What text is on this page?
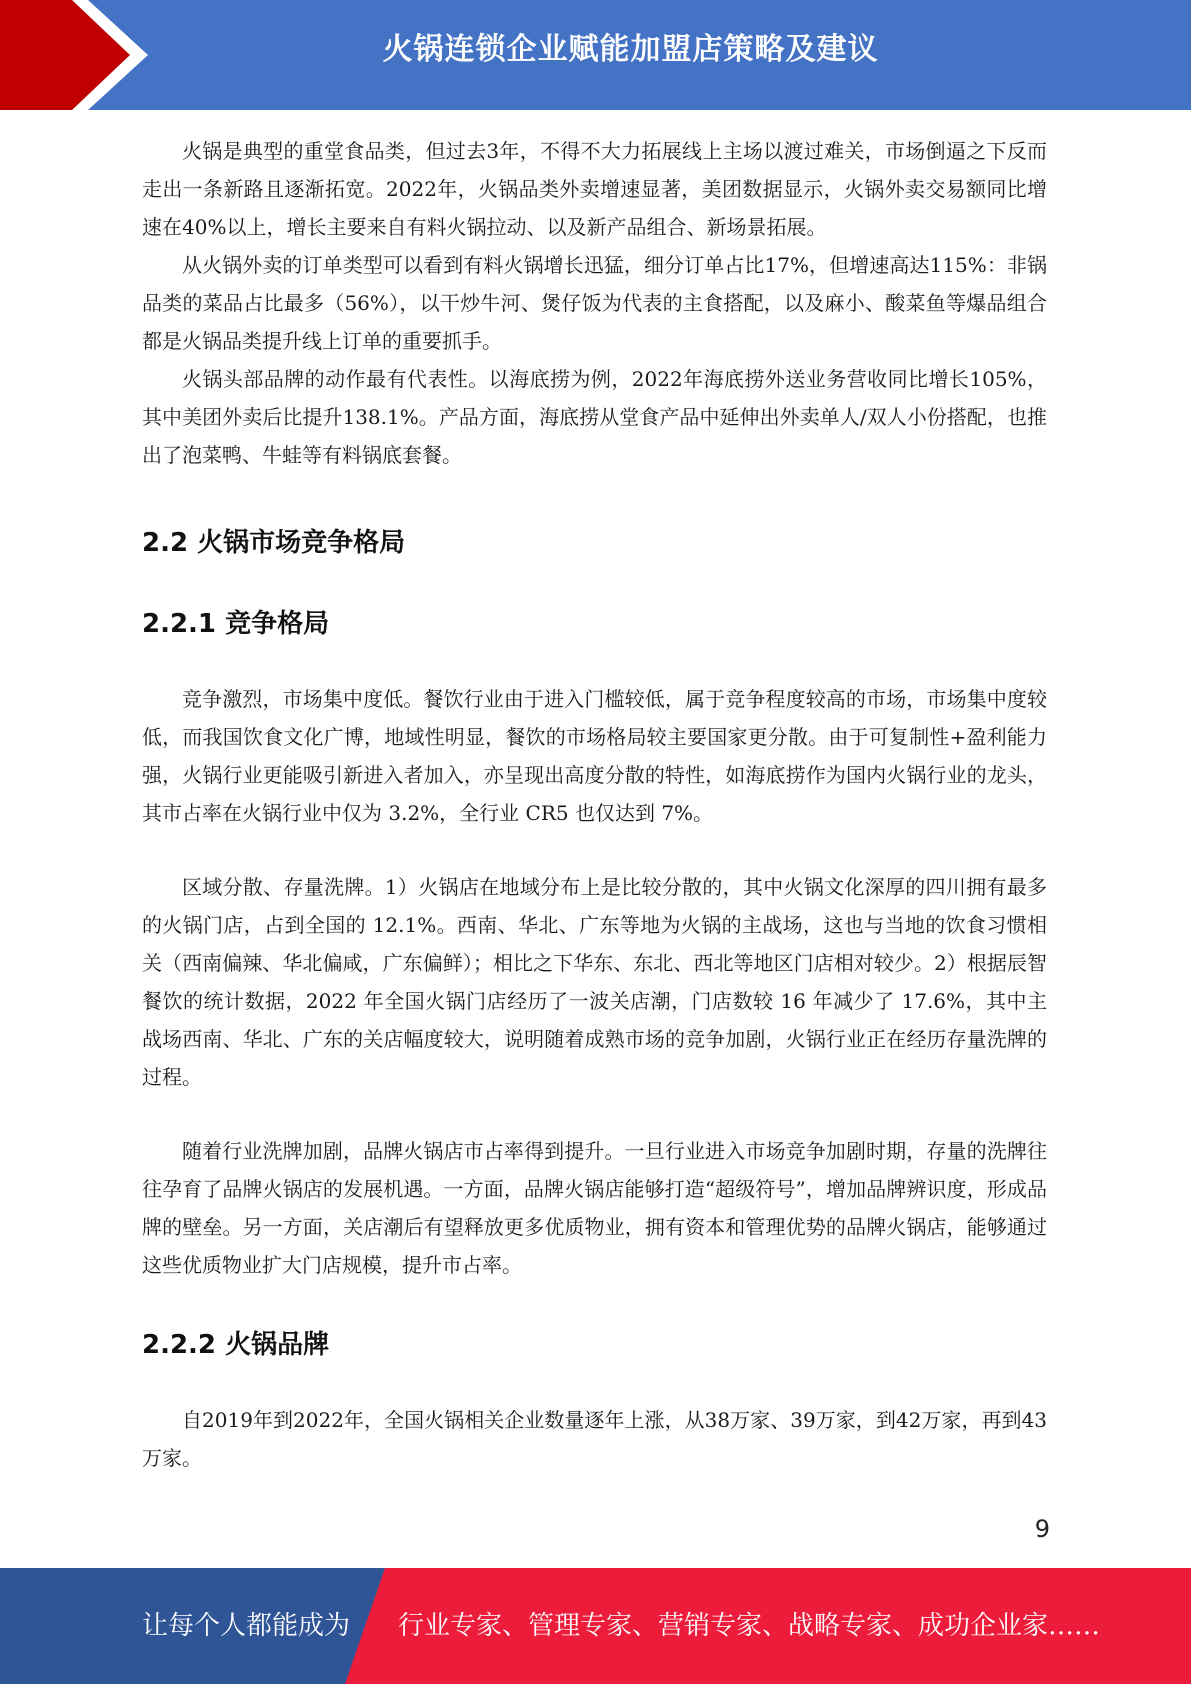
火锅连锁企业赋能加盟店策略及建议

火锅是典型的重堂食品类，但过去3年，不得不大力拓展线上主场以渡过难关，市场倒逼之下反而走出一条新路且逐渐拓宽。2022年，火锅品类外卖增速显著，美团数据显示，火锅外卖交易额同比增速在40%以上，增长主要来自有料火锅拉动、以及新产品组合、新场景拓展。

从火锅外卖的订单类型可以看到有料火锅增长迅猛，细分订单占比17%，但增速高达115%：非锅品类的菜品占比最多（56%），以干炒牛河、煲仔饭为代表的主食搭配，以及麻小、酸菜鱼等爆品组合都是火锅品类提升线上订单的重要抓手。

火锅头部品牌的动作最有代表性。以海底捞为例，2022年海底捞外送业务营收同比增长105%，其中美团外卖后比提升138.1%。产品方面，海底捞从堂食产品中延伸出外卖单人/双人小份搭配，也推出了泡菜鸭、牛蛙等有料锅底套餐。

2.2 火锅市场竞争格局
2.2.1 竞争格局

竞争激烈，市场集中度低。餐饮行业由于进入门槛较低，属于竞争程度较高的市场，市场集中度较低，而我国饮食文化广博，地域性明显，餐饮的市场格局较主要国家更分散。由于可复制性+盈利能力强，火锅行业更能吸引新进入者加入，亦呈现出高度分散的特性，如海底捞作为国内火锅行业的龙头，其市占率在火锅行业中仅为 3.2%，全行业 CR5 也仅达到 7%。

区域分散、存量洗牌。1）火锅店在地域分布上是比较分散的，其中火锅文化深厚的四川拥有最多的火锅门店，占到全国的 12.1%。西南、华北、广东等地为火锅的主战场，这也与当地的饮食习惯相关（西南偏辣、华北偏咸，广东偏鲜）；相比之下华东、东北、西北等地区门店相对较少。2）根据辰智餐饮的统计数据，2022 年全国火锅门店经历了一波关店潮，门店数较 16 年减少了 17.6%，其中主战场西南、华北、广东的关店幅度较大，说明随着成熟市场的竞争加剧，火锅行业正在经历存量洗牌的过程。

随着行业洗牌加剧，品牌火锅店市占率得到提升。一旦行业进入市场竞争加剧时期，存量的洗牌往往孕育了品牌火锅店的发展机遇。一方面，品牌火锅店能够打造“超级符号”，增加品牌辨识度，形成品牌的壁垒。另一方面，关店潮后有望释放更多优质物业，拥有资本和管理优势的品牌火锅店，能够通过这些优质物业扩大门店规模，提升市占率。

2.2.2 火锅品牌

自2019年到2022年，全国火锅相关企业数量逐年上涨，从38万家、39万家，到42万家，再到43万家。

9
让每个人都能成为 行业专家、管理专家、营销专家、战略专家、成功企业家……
